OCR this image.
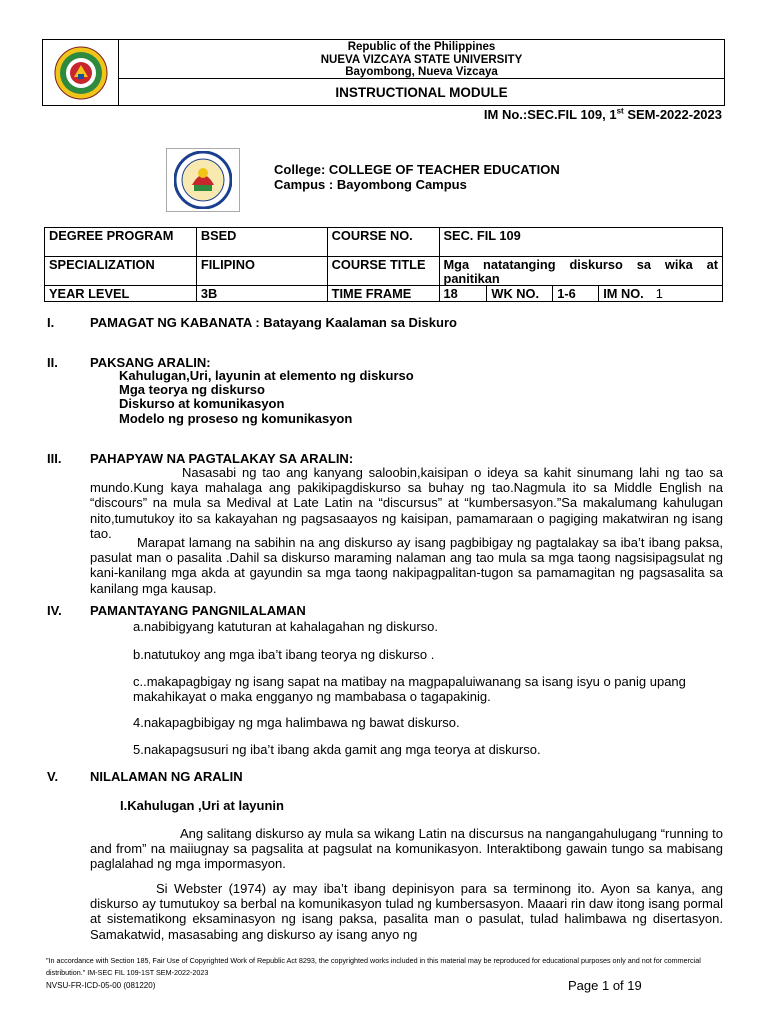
Republic of the Philippines
NUEVA VIZCAYA STATE UNIVERSITY
Bayombong, Nueva Vizcaya
INSTRUCTIONAL MODULE
IM No.:SEC.FIL 109, 1st SEM-2022-2023
College: COLLEGE OF TEACHER EDUCATION
Campus : Bayombong Campus
DEGREE PROGRAM	BSED	COURSE NO.	SEC. FIL 109			
SPECIALIZATION	FILIPINO	COURSE TITLE	Mga natatanging diskurso sa wika at panitikan			
YEAR LEVEL	3B	TIME FRAME	18	WK NO.	1-6	IM NO. 1
I.	PAMAGAT NG KABANATA : Batayang Kaalaman sa Diskuro
II. PAKSANG ARALIN:
Kahulugan,Uri, layunin at elemento ng diskurso
Mga teorya ng diskurso
Diskurso at komunikasyon
Modelo ng proseso ng komunikasyon
III. PAHAPYAW NA PAGTALAKAY SA ARALIN:
Nasasabi ng tao ang kanyang saloobin,kaisipan o ideya sa kahit sinumang lahi ng tao sa mundo.Kung kaya mahalaga ang pakikipagdiskurso sa buhay ng tao.Nagmula ito sa Middle English na “discours” na mula sa Medival at Late Latin na “discursus” at “kumbersasyon.”Sa makalumang kahulugan nito,tumutukoy ito sa kakayahan ng pagsasaayos ng kaisipan, pamamaraan o pagiging makatwiran ng isang tao.
Marapat lamang na sabihin na ang diskurso ay isang pagbibigay ng pagtalakay sa iba’t ibang paksa, pasulat man o pasalita .Dahil sa diskurso maraming nalaman ang tao mula sa mga taong nagsisipagsulat ng kani-kanilang mga akda at gayundin sa mga taong nakipagpalitan-tugon sa pamamagitan ng pagsasalita sa kanilang mga kausap.
IV. PAMANTAYANG PANGNILALAMAN
a.nabibigyang katuturan at kahalagahan ng diskurso.
b.natutukoy ang mga iba’t ibang teorya ng diskurso .
c..makapagbigay ng isang sapat na matibay na magpapaluiwanang sa isang isyu o panig upang makahikayat o maka engganyo ng mambabasa o tagapakinig.
4.nakapagbibigay ng mga halimbawa ng bawat diskurso.
5.nakapagsusuri ng iba’t ibang akda gamit ang mga teorya at diskurso.
V. NILALAMAN NG ARALIN
I.Kahulugan ,Uri at layunin
Ang salitang diskurso ay mula sa wikang Latin na discursus na nangangahulugang “running to and from” na maiiugnay sa pagsalita at pagsulat na komunikasyon. Interaktibong gawain tungo sa mabisang paglalahad ng mga impormasyon.
Si Webster (1974) ay may iba’t ibang depinisyon para sa terminong ito. Ayon sa kanya, ang diskurso ay tumutukoy sa berbal na komunikasyon tulad ng kumbersasyon. Maaari rin daw itong isang pormal at sistematikong eksaminasyon ng isang paksa, pasalita man o pasulat, tulad halimbawa ng disertasyon. Samakatwid, masasabing ang diskurso ay isang anyo ng
"In accordance with Section 185, Fair Use of Copyrighted Work of Republic Act 8293, the copyrighted works included in this material may be reproduced for educational purposes only and not for commercial distribution." IM-SEC FIL 109-1ST SEM-2022-2023
NVSU-FR-ICD-05-00 (081220)	Page 1 of 19
